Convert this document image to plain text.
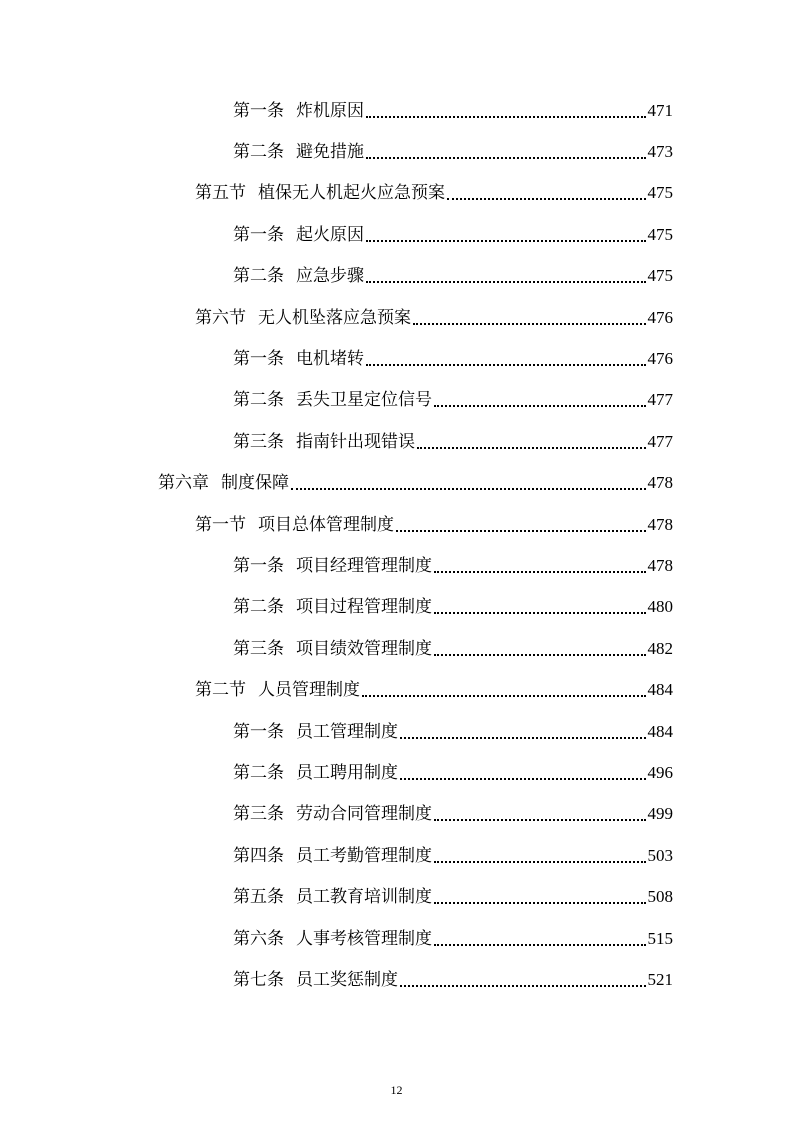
第一条 炸机原因	471
第二条 避免措施	473
第五节 植保无人机起火应急预案	475
第一条 起火原因	475
第二条 应急步骤	475
第六节 无人机坠落应急预案	476
第一条 电机堵转	476
第二条 丢失卫星定位信号	477
第三条 指南针出现错误	477
第六章 制度保障	478
第一节 项目总体管理制度	478
第一条 项目经理管理制度	478
第二条 项目过程管理制度	480
第三条 项目绩效管理制度	482
第二节 人员管理制度	484
第一条 员工管理制度	484
第二条 员工聘用制度	496
第三条 劳动合同管理制度	499
第四条 员工考勤管理制度	503
第五条 员工教育培训制度	508
第六条 人事考核管理制度	515
第七条 员工奖惩制度	521
12
